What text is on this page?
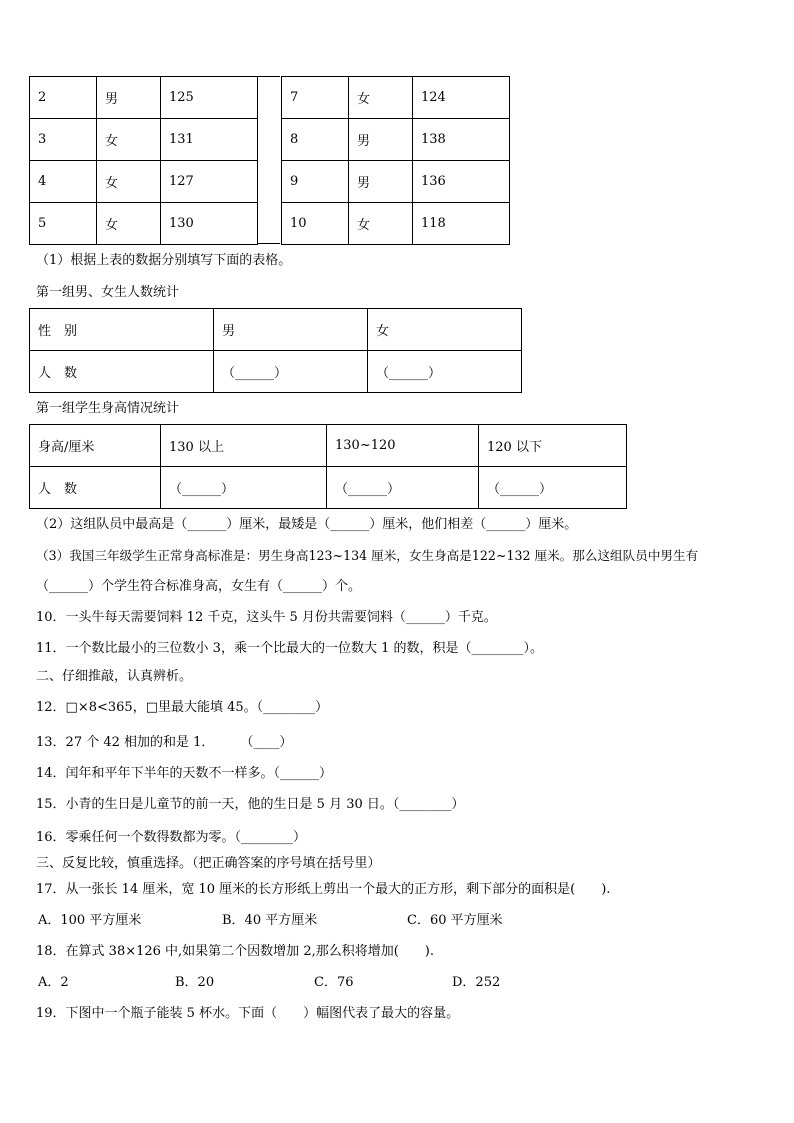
2	男	125
3	女	131
4	女	127
5	女	130
7	女	124
8	男	138
9	男	136
10	女	118
（1）根据上表的数据分别填写下面的表格。
第一组男、女生人数统计
性　别	男	女
人　数	（______）	（______）
第一组学生身高情况统计
身高/厘米	130 以上	130~120	120 以下
人　数	（______）	（______）	（______）
（2）这组队员中最高是（______）厘米，最矮是（______）厘米，他们相差（______）厘米。
（3）我国三年级学生正常身高标准是：男生身高123~134 厘米，女生身高是122~132 厘米。那么这组队员中男生有
（______）个学生符合标准身高，女生有（______）个。
10．一头牛每天需要饲料 12 千克，这头牛 5 月份共需要饲料（______）千克。
11．一个数比最小的三位数小 3，乘一个比最大的一位数大 1 的数，积是（________）。
二、仔细推敲，认真辨析。
12．□×8<365，□里最大能填 45。（________）
13．27 个 42 相加的和是 1．　　　（____）
14．闰年和平年下半年的天数不一样多。（______）
15．小青的生日是儿童节的前一天，他的生日是 5 月 30 日。（________）
16．零乘任何一个数得数都为零。（________）
三、反复比较，慎重选择。（把正确答案的序号填在括号里）
17．从一张长 14 厘米，宽 10 厘米的长方形纸上剪出一个最大的正方形，剩下部分的面积是(　　).
A．100 平方厘米	B．40 平方厘米	C．60 平方厘米
18．在算式 38×126 中,如果第二个因数增加 2,那么积将增加(　　).
A．2	B．20	C．76	D．252
19．下图中一个瓶子能装 5 杯水。下面（　　）幅图代表了最大的容量。
